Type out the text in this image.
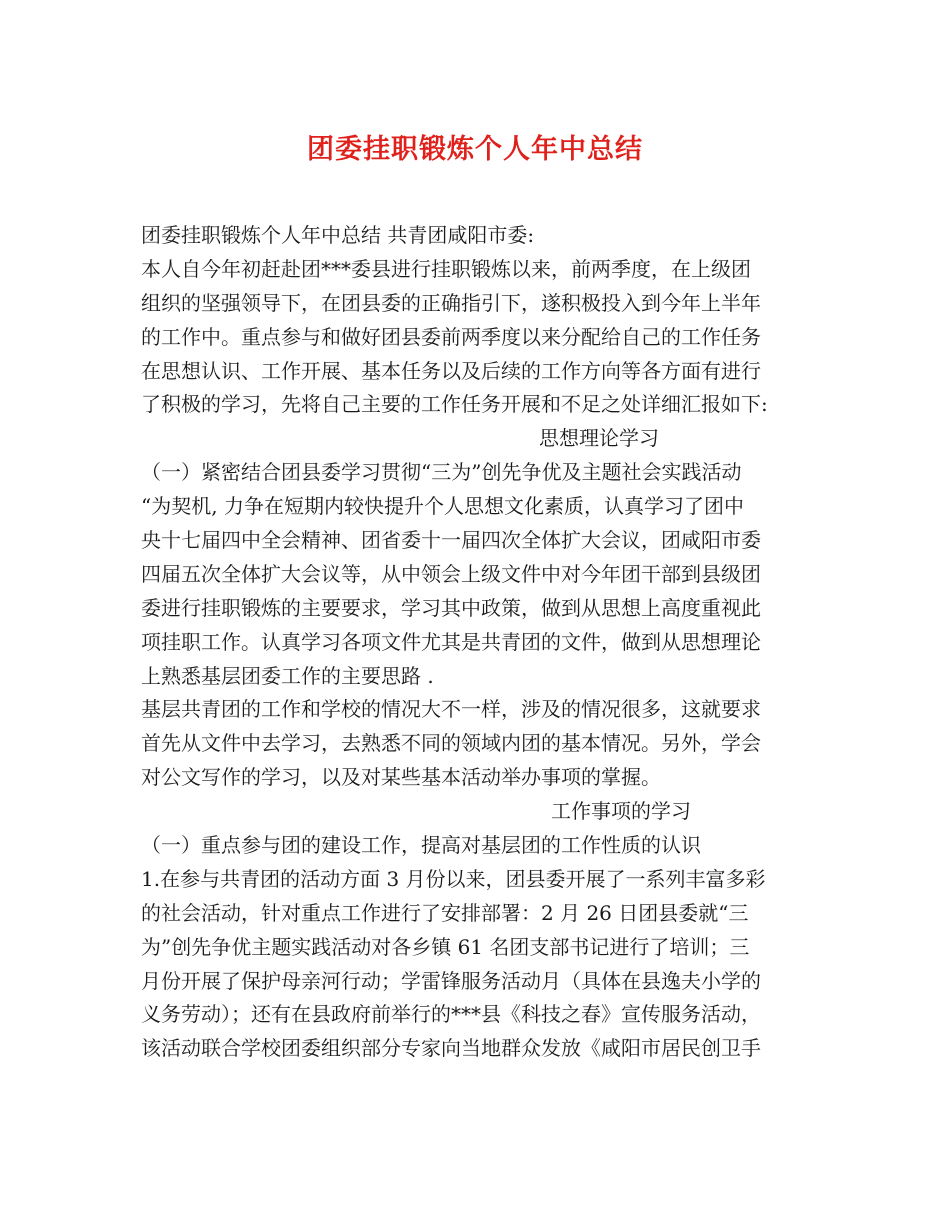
团委挂职锻炼个人年中总结
团委挂职锻炼个人年中总结 共青团咸阳市委:
本人自今年初赶赴团***委县进行挂职锻炼以来，前两季度，在上级团
组织的坚强领导下，在团县委的正确指引下，遂积极投入到今年上半年
的工作中。重点参与和做好团县委前两季度以来分配给自己的工作任务
在思想认识、工作开展、基本任务以及后续的工作方向等各方面有进行
了积极的学习，先将自己主要的工作任务开展和不足之处详细汇报如下:
思想理论学习
（一）紧密结合团县委学习贯彻“三为”创先争优及主题社会实践活动
“为契机, 力争在短期内较快提升个人思想文化素质，认真学习了团中
央十七届四中全会精神、团省委十一届四次全体扩大会议，团咸阳市委
四届五次全体扩大会议等，从中领会上级文件中对今年团干部到县级团
委进行挂职锻炼的主要要求，学习其中政策，做到从思想上高度重视此
项挂职工作。认真学习各项文件尤其是共青团的文件，做到从思想理论
上熟悉基层团委工作的主要思路 .
基层共青团的工作和学校的情况大不一样，涉及的情况很多，这就要求
首先从文件中去学习，去熟悉不同的领域内团的基本情况。另外，学会
对公文写作的学习，以及对某些基本活动举办事项的掌握。
工作事项的学习
（一）重点参与团的建设工作，提高对基层团的工作性质的认识
1.在参与共青团的活动方面 3 月份以来，团县委开展了一系列丰富多彩
的社会活动，针对重点工作进行了安排部署：2 月 26 日团县委就“三
为”创先争优主题实践活动对各乡镇 61 名团支部书记进行了培训；三
月份开展了保护母亲河行动；学雷锋服务活动月（具体在县逸夫小学的
义务劳动）；还有在县政府前举行的***县《科技之春》宣传服务活动，
该活动联合学校团委组织部分专家向当地群众发放《咸阳市居民创卫手
